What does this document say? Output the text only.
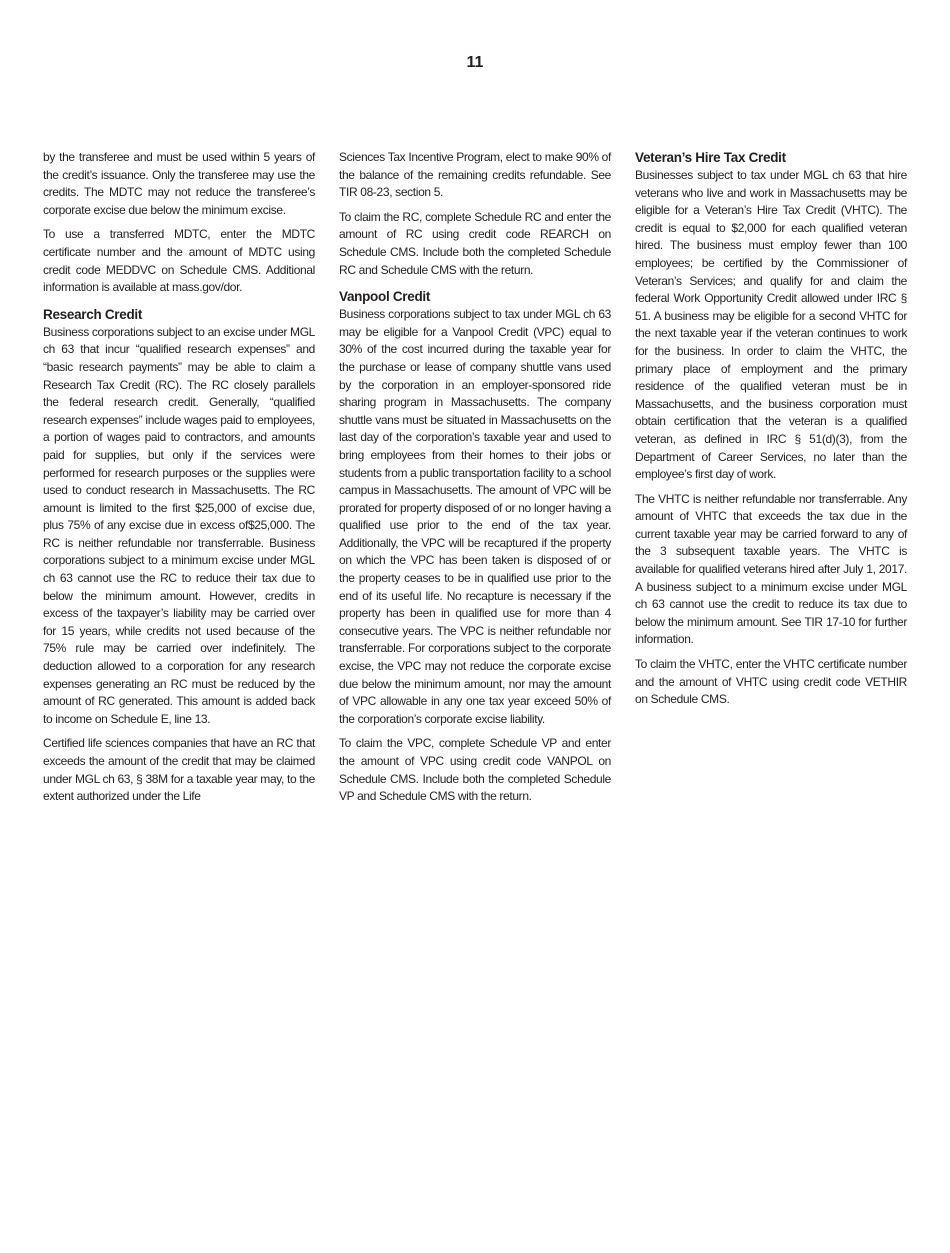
11

by the transferee and must be used within 5 years of the credit’s issuance. Only the transferee may use the credits. The MDTC may not reduce the transferee’s corporate excise due below the minimum excise.

To use a transferred MDTC, enter the MDTC certificate number and the amount of MDTC using credit code MEDDVC on Schedule CMS. Additional information is available at mass.gov/dor.

Research Credit

Business corporations subject to an excise under MGL ch 63 that incur “qualified research expenses” and “basic research payments” may be able to claim a Research Tax Credit (RC). The RC closely parallels the federal research credit. Generally, “qualified research expenses” include wages paid to employees, a portion of wages paid to contractors, and amounts paid for supplies, but only if the services were performed for research purposes or the supplies were used to conduct research in Massachusetts. The RC amount is limited to the first $25,000 of excise due, plus 75% of any excise due in excess of$25,000. The RC is neither refundable nor transferrable. Business corporations subject to a minimum excise under MGL ch 63 cannot use the RC to reduce their tax due to below the minimum amount. However, credits in excess of the taxpayer’s liability may be carried over for 15 years, while credits not used because of the 75% rule may be carried over indefinitely. The deduction allowed to a corporation for any research expenses generating an RC must be reduced by the amount of RC generated. This amount is added back to income on Schedule E, line 13.

Certified life sciences companies that have an RC that exceeds the amount of the credit that may be claimed under MGL ch 63, § 38M for a taxable year may, to the extent authorized under the Life

Sciences Tax Incentive Program, elect to make 90% of the balance of the remaining credits refundable. See TIR 08-23, section 5.

To claim the RC, complete Schedule RC and enter the amount of RC using credit code REARCH on Schedule CMS. Include both the completed Schedule RC and Schedule CMS with the return.

Vanpool Credit

Business corporations subject to tax under MGL ch 63 may be eligible for a Vanpool Credit (VPC) equal to 30% of the cost incurred during the taxable year for the purchase or lease of company shuttle vans used by the corporation in an employer-sponsored ride sharing program in Massachusetts. The company shuttle vans must be situated in Massachusetts on the last day of the corporation’s taxable year and used to bring employees from their homes to their jobs or students from a public transportation facility to a school campus in Massachusetts. The amount of VPC will be prorated for property disposed of or no longer having a qualified use prior to the end of the tax year. Additionally, the VPC will be recaptured if the property on which the VPC has been taken is disposed of or the property ceases to be in qualified use prior to the end of its useful life. No recapture is necessary if the property has been in qualified use for more than 4 consecutive years. The VPC is neither refundable nor transferrable. For corporations subject to the corporate excise, the VPC may not reduce the corporate excise due below the minimum amount, nor may the amount of VPC allowable in any one tax year exceed 50% of the corporation’s corporate excise liability.

To claim the VPC, complete Schedule VP and enter the amount of VPC using credit code VANPOL on Schedule CMS. Include both the completed Schedule VP and Schedule CMS with the return.

Veteran’s Hire Tax Credit

Businesses subject to tax under MGL ch 63 that hire veterans who live and work in Massachusetts may be eligible for a Veteran’s Hire Tax Credit (VHTC). The credit is equal to $2,000 for each qualified veteran hired. The business must employ fewer than 100 employees; be certified by the Commissioner of Veteran’s Services; and qualify for and claim the federal Work Opportunity Credit allowed under IRC § 51. A business may be eligible for a second VHTC for the next taxable year if the veteran continues to work for the business. In order to claim the VHTC, the primary place of employment and the primary residence of the qualified veteran must be in Massachusetts, and the business corporation must obtain certification that the veteran is a qualified veteran, as defined in IRC § 51(d)(3), from the Department of Career Services, no later than the employee’s first day of work.

The VHTC is neither refundable nor transferrable. Any amount of VHTC that exceeds the tax due in the current taxable year may be carried forward to any of the 3 subsequent taxable years. The VHTC is available for qualified veterans hired after July 1, 2017. A business subject to a minimum excise under MGL ch 63 cannot use the credit to reduce its tax due to below the minimum amount. See TIR 17-10 for further information.

To claim the VHTC, enter the VHTC certificate number and the amount of VHTC using credit code VETHIR on Schedule CMS.
